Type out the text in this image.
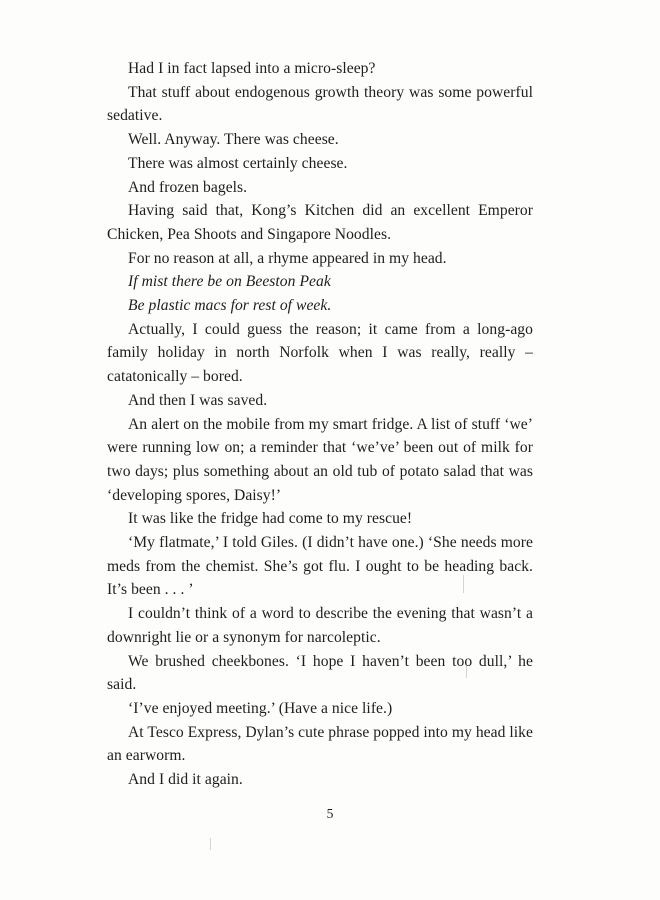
Had I in fact lapsed into a micro-sleep?

That stuff about endogenous growth theory was some powerful sedative.

Well. Anyway. There was cheese.

There was almost certainly cheese.

And frozen bagels.

Having said that, Kong’s Kitchen did an excellent Emperor Chicken, Pea Shoots and Singapore Noodles.

For no reason at all, a rhyme appeared in my head.

If mist there be on Beeston Peak

Be plastic macs for rest of week.

Actually, I could guess the reason; it came from a long-ago family holiday in north Norfolk when I was really, really – catatonically – bored.

And then I was saved.

An alert on the mobile from my smart fridge. A list of stuff ‘we’ were running low on; a reminder that ‘we’ve’ been out of milk for two days; plus something about an old tub of potato salad that was ‘developing spores, Daisy!’

It was like the fridge had come to my rescue!

‘My flatmate,’ I told Giles. (I didn’t have one.) ‘She needs more meds from the chemist. She’s got flu. I ought to be heading back. It’s been . . . ’

I couldn’t think of a word to describe the evening that wasn’t a downright lie or a synonym for narcoleptic.

We brushed cheekbones. ‘I hope I haven’t been too dull,’ he said.

‘I’ve enjoyed meeting.’ (Have a nice life.)

At Tesco Express, Dylan’s cute phrase popped into my head like an earworm.

And I did it again.

5
